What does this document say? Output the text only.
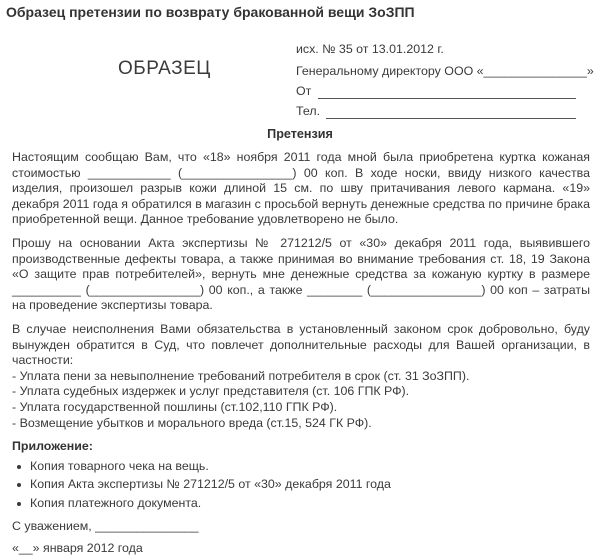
Образец претензии по возврату бракованной вещи ЗоЗПП
ОБРАЗЕЦ
исх. № 35 от 13.01.2012 г.
Генеральному директору ООО «_______________»
От
Тел.
Претензия

Настоящим сообщаю Вам, что «18» ноября 2011 года мной была приобретена куртка кожаная стоимостью ____________ (________________) 00 коп. В ходе носки, ввиду низкого качества изделия, произошел разрыв кожи длиной 15 см. по шву притачивания левого кармана. «19» декабря 2011 года я обратился в магазин с просьбой вернуть денежные средства по причине брака приобретенной вещи. Данное требование удовлетворено не было.

Прошу на основании Акта экспертизы № 271212/5 от «30» декабря 2011 года, выявившего производственные дефекты товара, а также принимая во внимание требования ст. 18, 19 Закона «О защите прав потребителей», вернуть мне денежные средства за кожаную куртку в размере __________ (________________) 00 коп., а также ________ (________________) 00 коп – затраты на проведение экспертизы товара.

В случае неисполнения Вами обязательства в установленный законом срок добровольно, буду вынужден обратится в Суд, что повлечет дополнительные расходы для Вашей организации, в частности:

- Уплата пени за невыполнение требований потребителя в срок (ст. 31 ЗоЗПП).
- Уплата судебных издержек и услуг представителя (ст. 106 ГПК РФ).
- Уплата государственной пошлины (ст.102,110 ГПК РФ).
- Возмещение убытков и морального вреда (ст.15, 524 ГК РФ).
Приложение:
Копия товарного чека на вещь.
Копия Акта экспертизы № 271212/5 от «30» декабря 2011 года
Копия платежного документа.
С уважением, _______________
«__» января 2012 года
